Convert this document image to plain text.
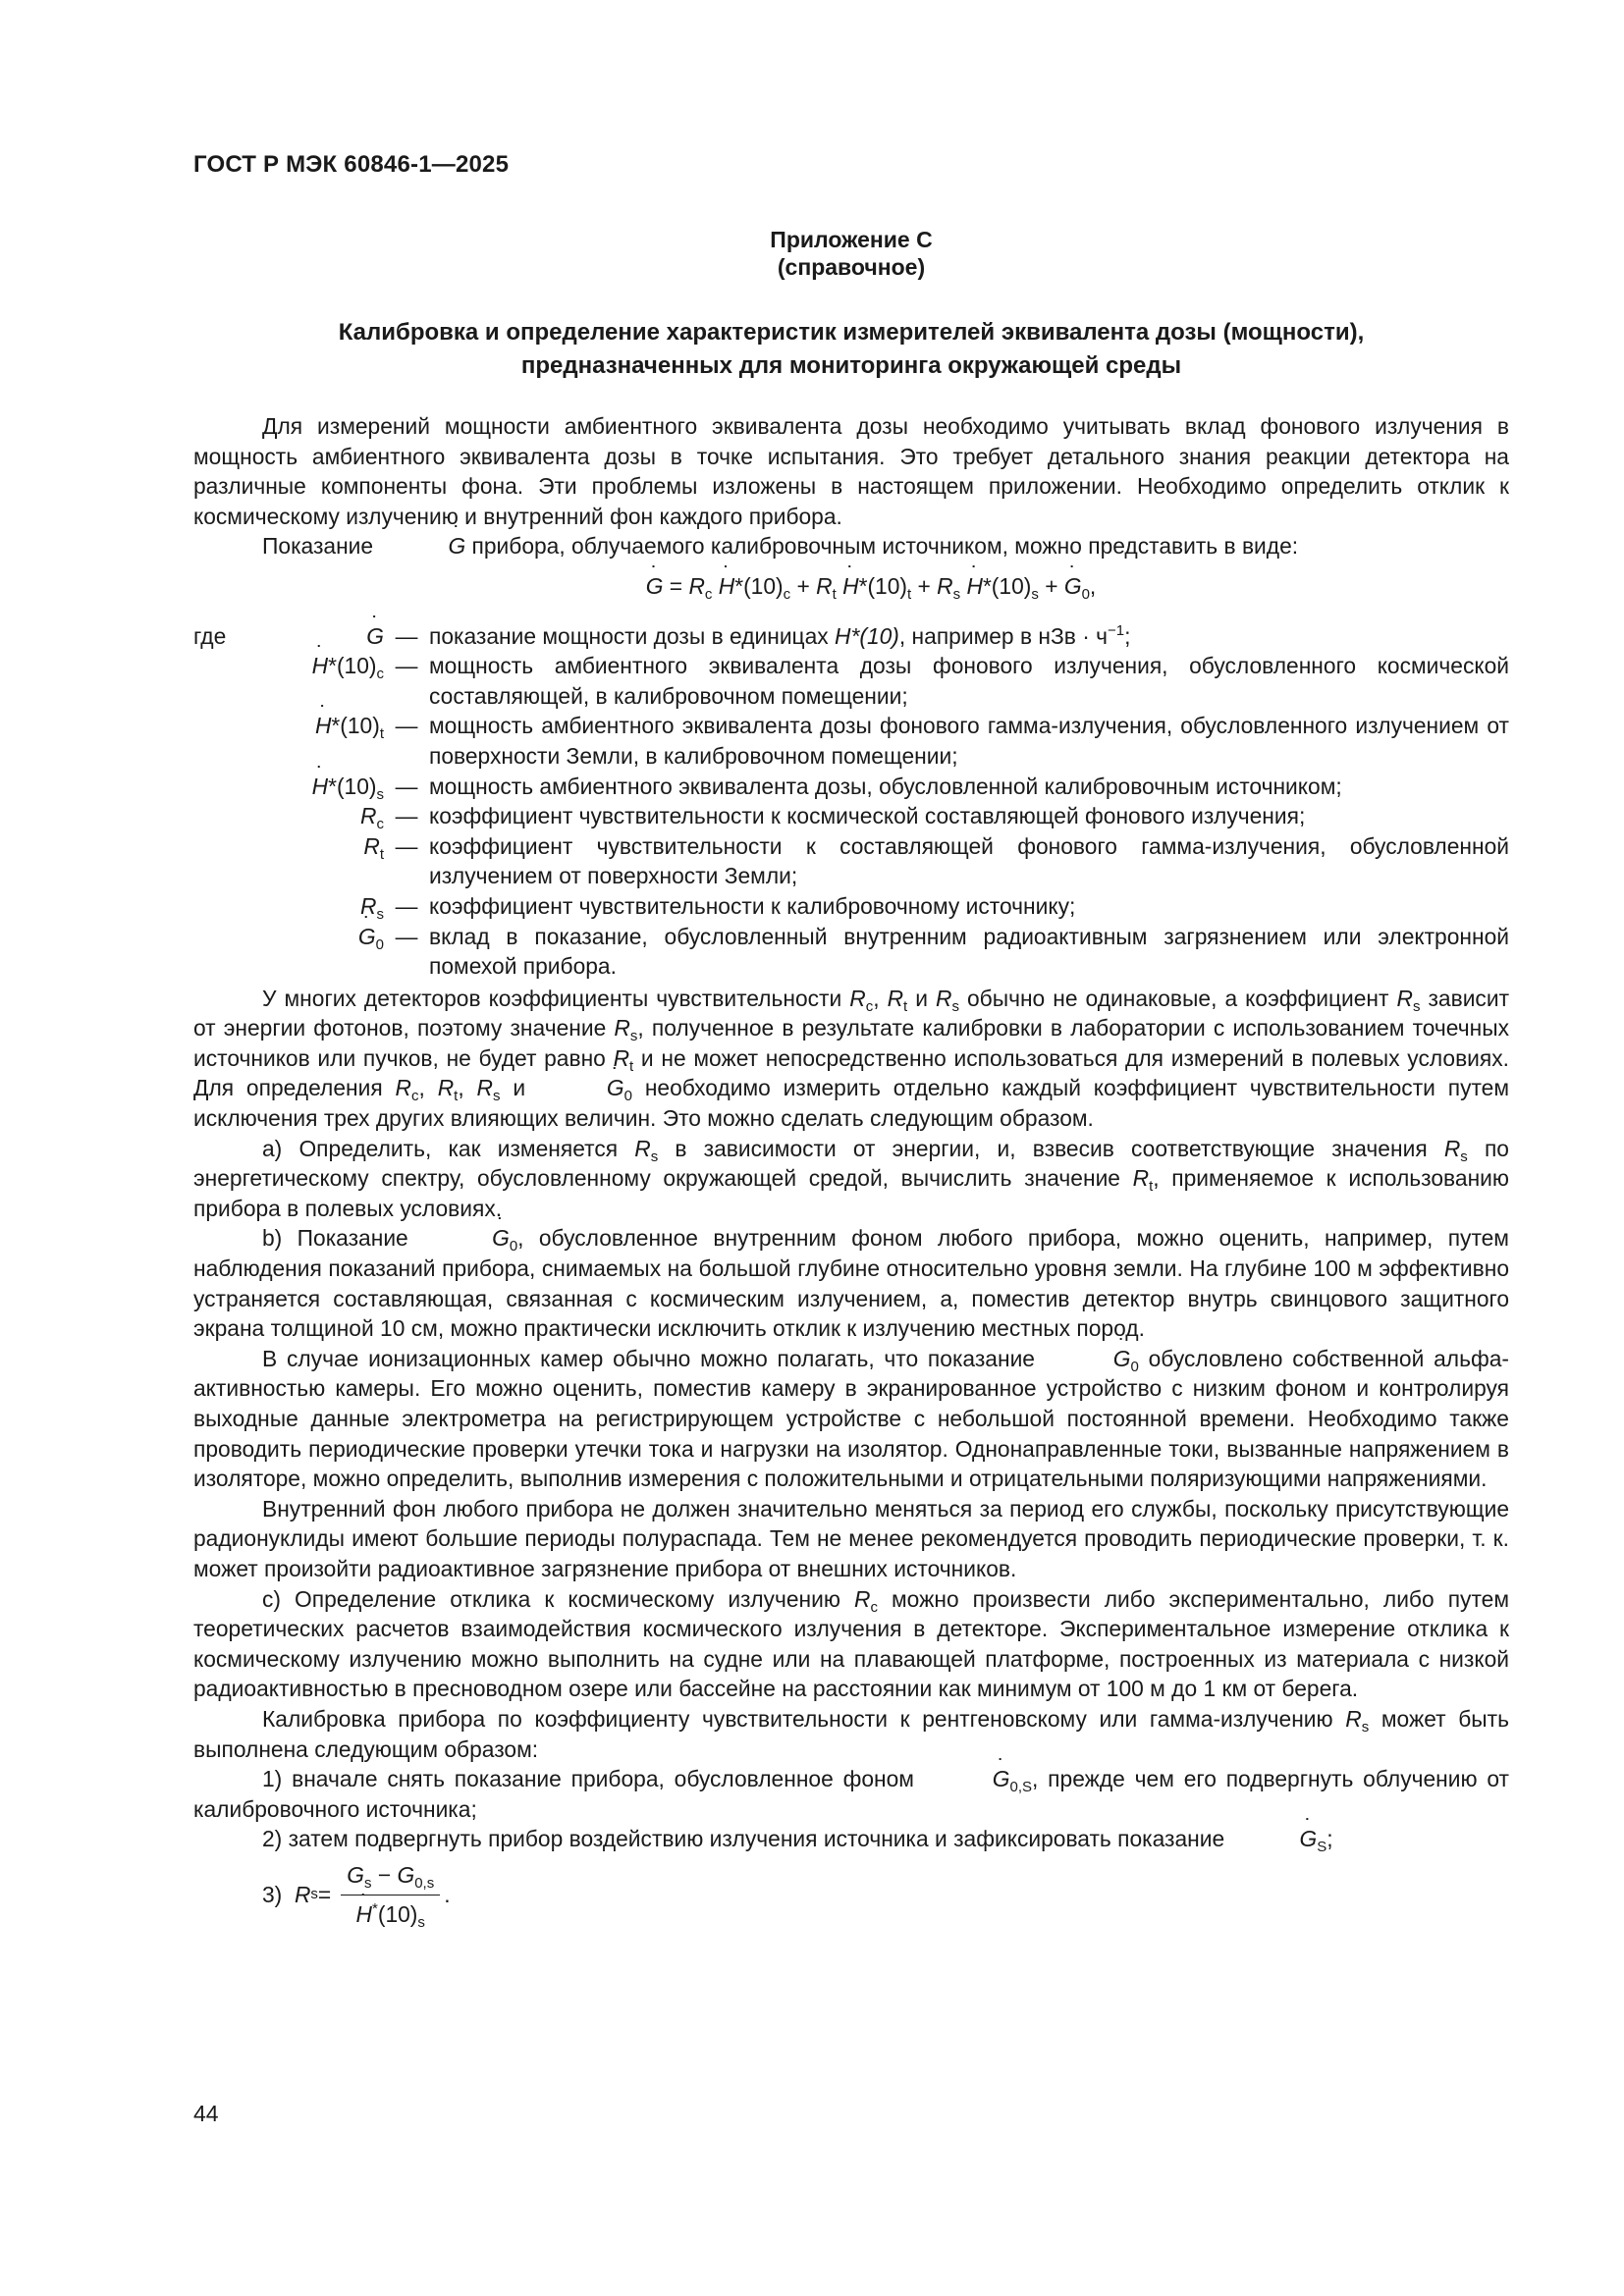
ГОСТ Р МЭК 60846-1—2025
Приложение С
(справочное)
Калибровка и определение характеристик измерителей эквивалента дозы (мощности),
предназначенных для мониторинга окружающей среды

Для измерений мощности амбиентного эквивалента дозы необходимо учитывать вклад фонового излучения в мощность амбиентного эквивалента дозы в точке испытания. Это требует детального знания реакции детектора на различные компоненты фона. Эти проблемы изложены в настоящем приложении. Необходимо определить отклик к космическому излучению и внутренний фон каждого прибора.

Показание	˙ G прибора, облучаемого калибровочным источником, можно представить в виде:

˙ $G = R_c$ ˙ $H*(10)_c + R_t$ ˙ $H*(10)_t + R_s$ ˙ $H*(10)_s$ + ˙ $G_0$,
где	˙ G — показание мощности дозы в единицах H*(10), например в нЗв · $ч^{-1}$;
˙ $H*(10)_c$ — мощность амбиентного эквивалента дозы фонового излучения, обусловленного космической составляющей, в калибровочном помещении;
˙ $H*(10)_t$ — мощность амбиентного эквивалента дозы фонового гамма-излучения, обусловленного излучением от поверхности Земли, в калибровочном помещении;
˙ $H*(10)_s$ — мощность амбиентного эквивалента дозы, обусловленной калибровочным источником;
$R_c$ — коэффициент чувствительности к космической составляющей фонового излучения;
$R_t$ — коэффициент чувствительности к составляющей фонового гамма-излучения, обусловленной излучением от поверхности Земли;
$R_s$ — коэффициент чувствительности к калибровочному источнику;
˙ $G_0$ — вклад в показание, обусловленный внутренним радиоактивным загрязнением или электронной помехой прибора.

У многих детекторов коэффициенты чувствительности $R_c$, $R_t$ и $R_s$ обычно не одинаковые, а коэффициент $R_s$ зависит от энергии фотонов, поэтому значение $R_s$, полученное в результате калибровки в лаборатории с использованием точечных источников или пучков, не будет равно $R_t$ и не может непосредственно использоваться для измерений в полевых условиях. Для определения $R_c$, $R_t$, $R_s$ и	˙ $G_0$ необходимо измерить отдельно каждый коэффициент чувствительности путем исключения трех других влияющих величин. Это можно сделать следующим образом.

a) Определить, как изменяется $R_s$ в зависимости от энергии, и, взвесив соответствующие значения $R_s$ по энергетическому спектру, обусловленному окружающей средой, вычислить значение $R_t$, применяемое к использованию прибора в полевых условиях.

b) Показание	˙ $G_0$, обусловленное внутренним фоном любого прибора, можно оценить, например, путем наблюдения показаний прибора, снимаемых на большой глубине относительно уровня земли. На глубине 100 м эффективно устраняется составляющая, связанная с космическим излучением, а, поместив детектор внутрь свинцового защитного экрана толщиной 10 см, можно практически исключить отклик к излучению местных пород.

В случае ионизационных камер обычно можно полагать, что показание	˙ $G_0$ обусловлено собственной альфа-активностью камеры. Его можно оценить, поместив камеру в экранированное устройство с низким фоном и контролируя выходные данные электрометра на регистрирующем устройстве с небольшой постоянной времени. Необходимо также проводить периодические проверки утечки тока и нагрузки на изолятор. Однонаправленные токи, вызванные напряжением в изоляторе, можно определить, выполнив измерения с положительными и отрицательными поляризующими напряжениями.

Внутренний фон любого прибора не должен значительно меняться за период его службы, поскольку присутствующие радионуклиды имеют большие периоды полураспада. Тем не менее рекомендуется проводить периодические проверки, т. к. может произойти радиоактивное загрязнение прибора от внешних источников.

c) Определение отклика к космическому излучению $R_c$ можно произвести либо экспериментально, либо путем теоретических расчетов взаимодействия космического излучения в детекторе. Экспериментальное измерение отклика к космическому излучению можно выполнить на судне или на плавающей платформе, построенных из материала с низкой радиоактивностью в пресноводном озере или бассейне на расстоянии как минимум от 100 м до 1 км от берега.

Калибровка прибора по коэффициенту чувствительности к рентгеновскому или гамма-излучению $R_s$ может быть выполнена следующим образом:

1) вначале снять показание прибора, обусловленное фоном	˙ $G_{0,S}$, прежде чем его подвергнуть облучению от калибровочного источника;

2) затем подвергнуть прибор воздействию излучения источника и зафиксировать показание	˙ $G_S$;

3)
R $s = G_s - G_{0,s}$
˙ $H^*(10)_s$ .
44
